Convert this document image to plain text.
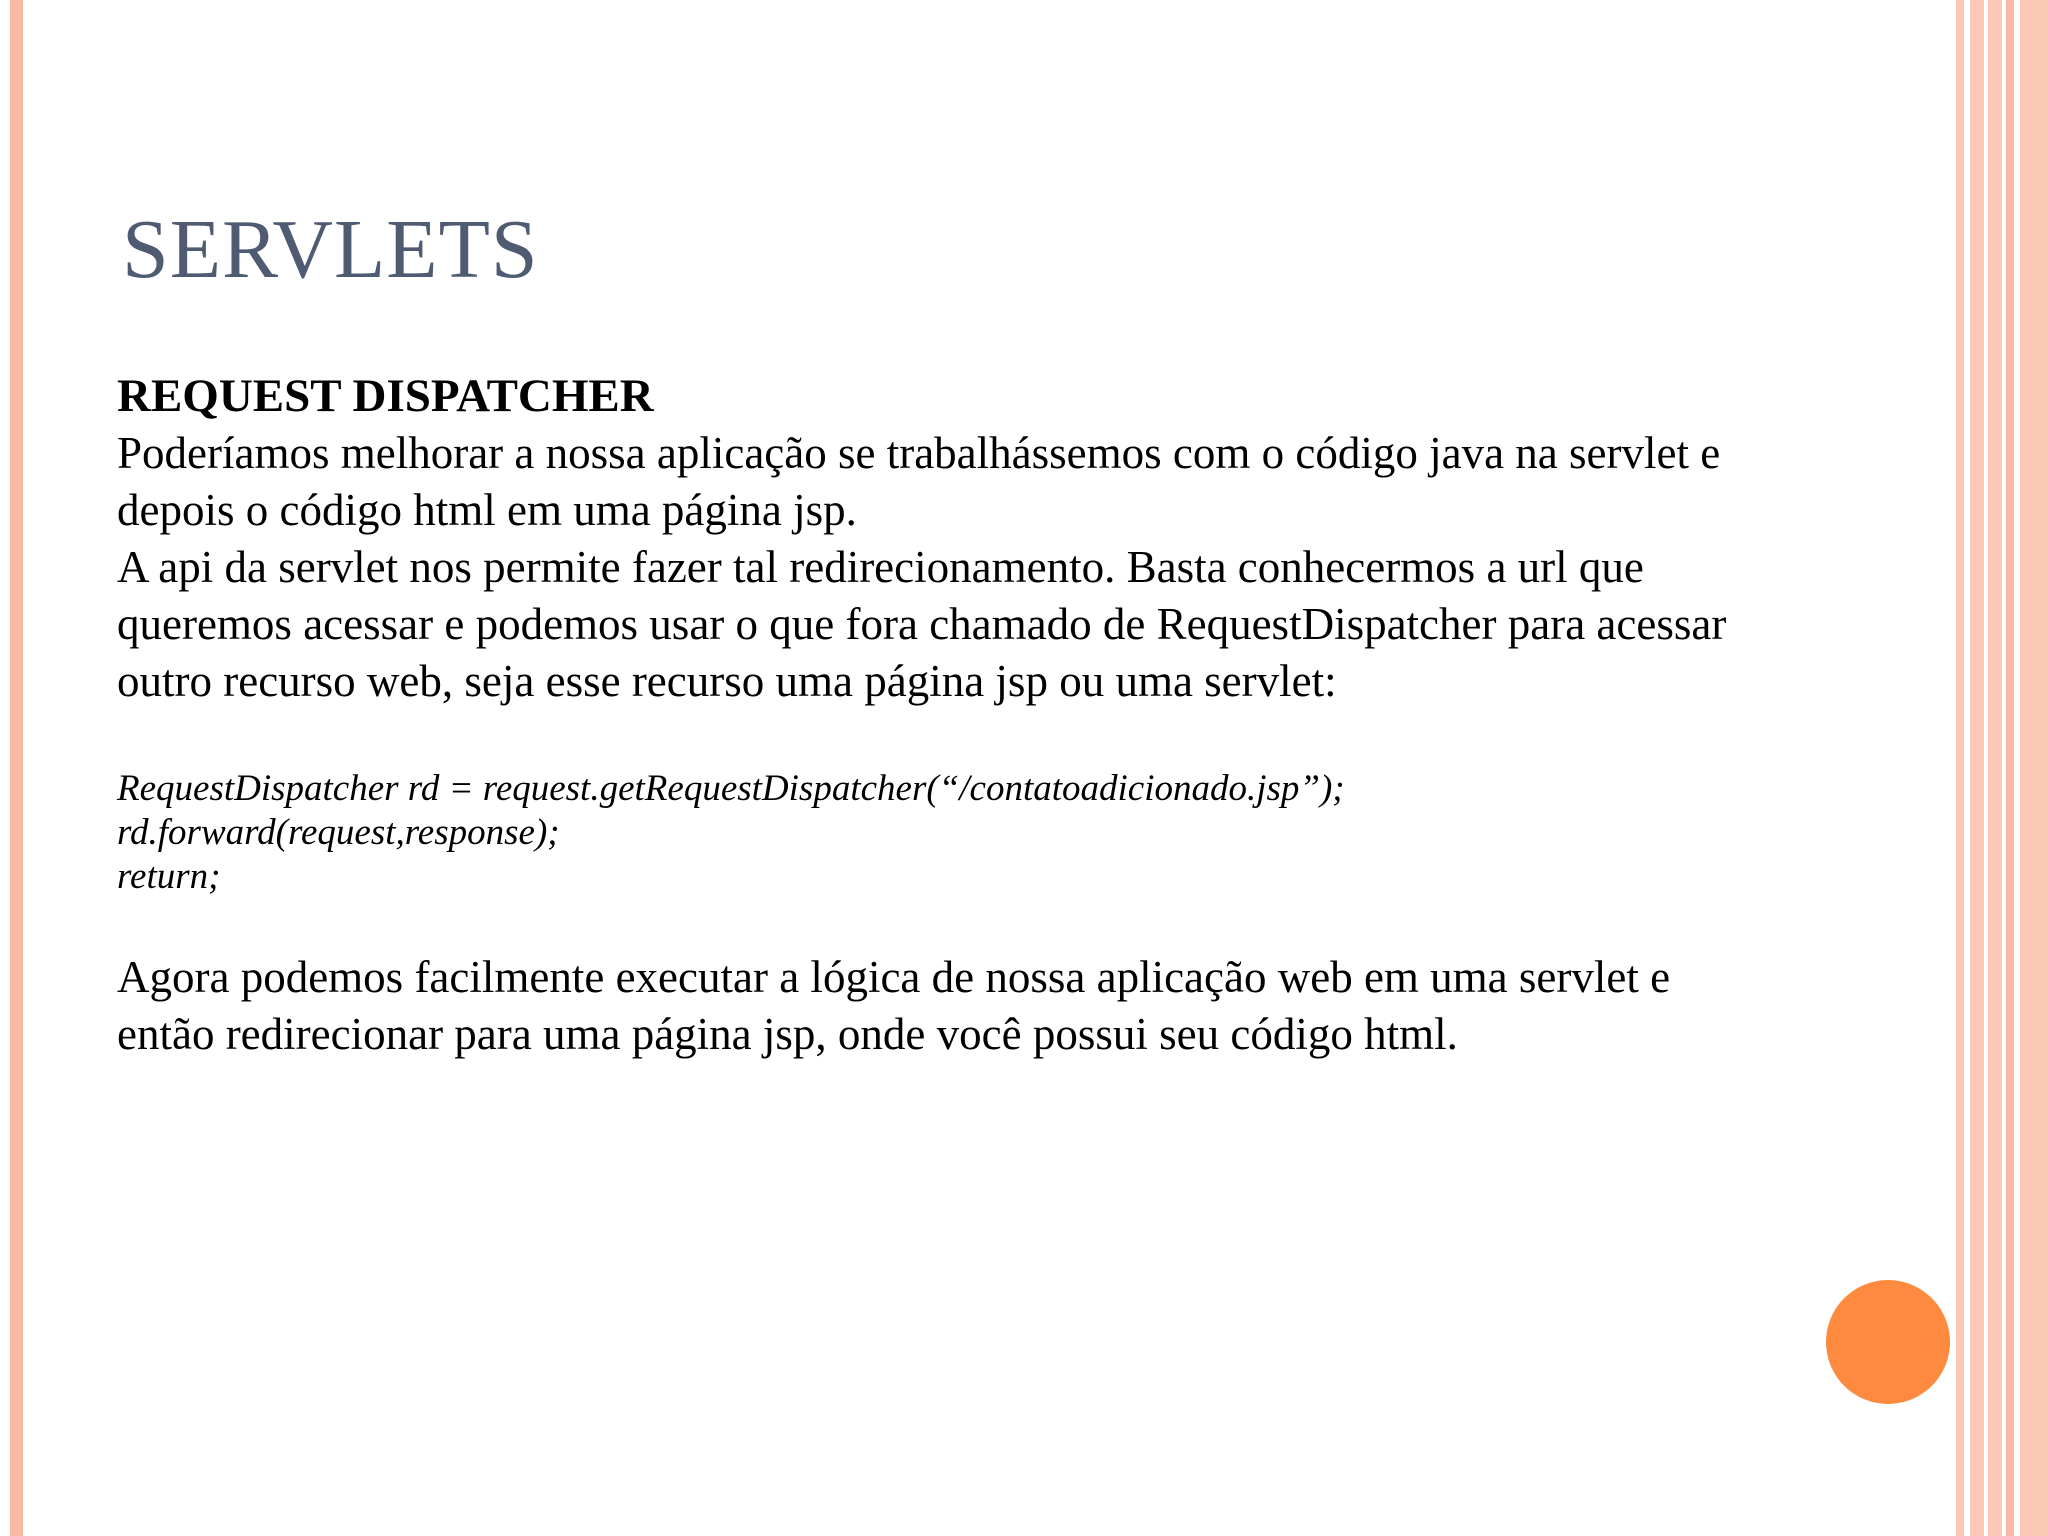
SERVLETS

REQUEST DISPATCHER

Poderíamos melhorar a nossa aplicação se trabalhássemos com o código java na servlet e depois o código html em uma página jsp.

A api da servlet nos permite fazer tal redirecionamento. Basta conhecermos a url que queremos acessar e podemos usar o que fora chamado de RequestDispatcher para acessar outro recurso web, seja esse recurso uma página jsp ou uma servlet:

RequestDispatcher rd = request.getRequestDispatcher(“/contatoadicionado.jsp”);
rd.forward(request,response);
return;

Agora podemos facilmente executar a lógica de nossa aplicação web em uma servlet e então redirecionar para uma página jsp, onde você possui seu código html.
